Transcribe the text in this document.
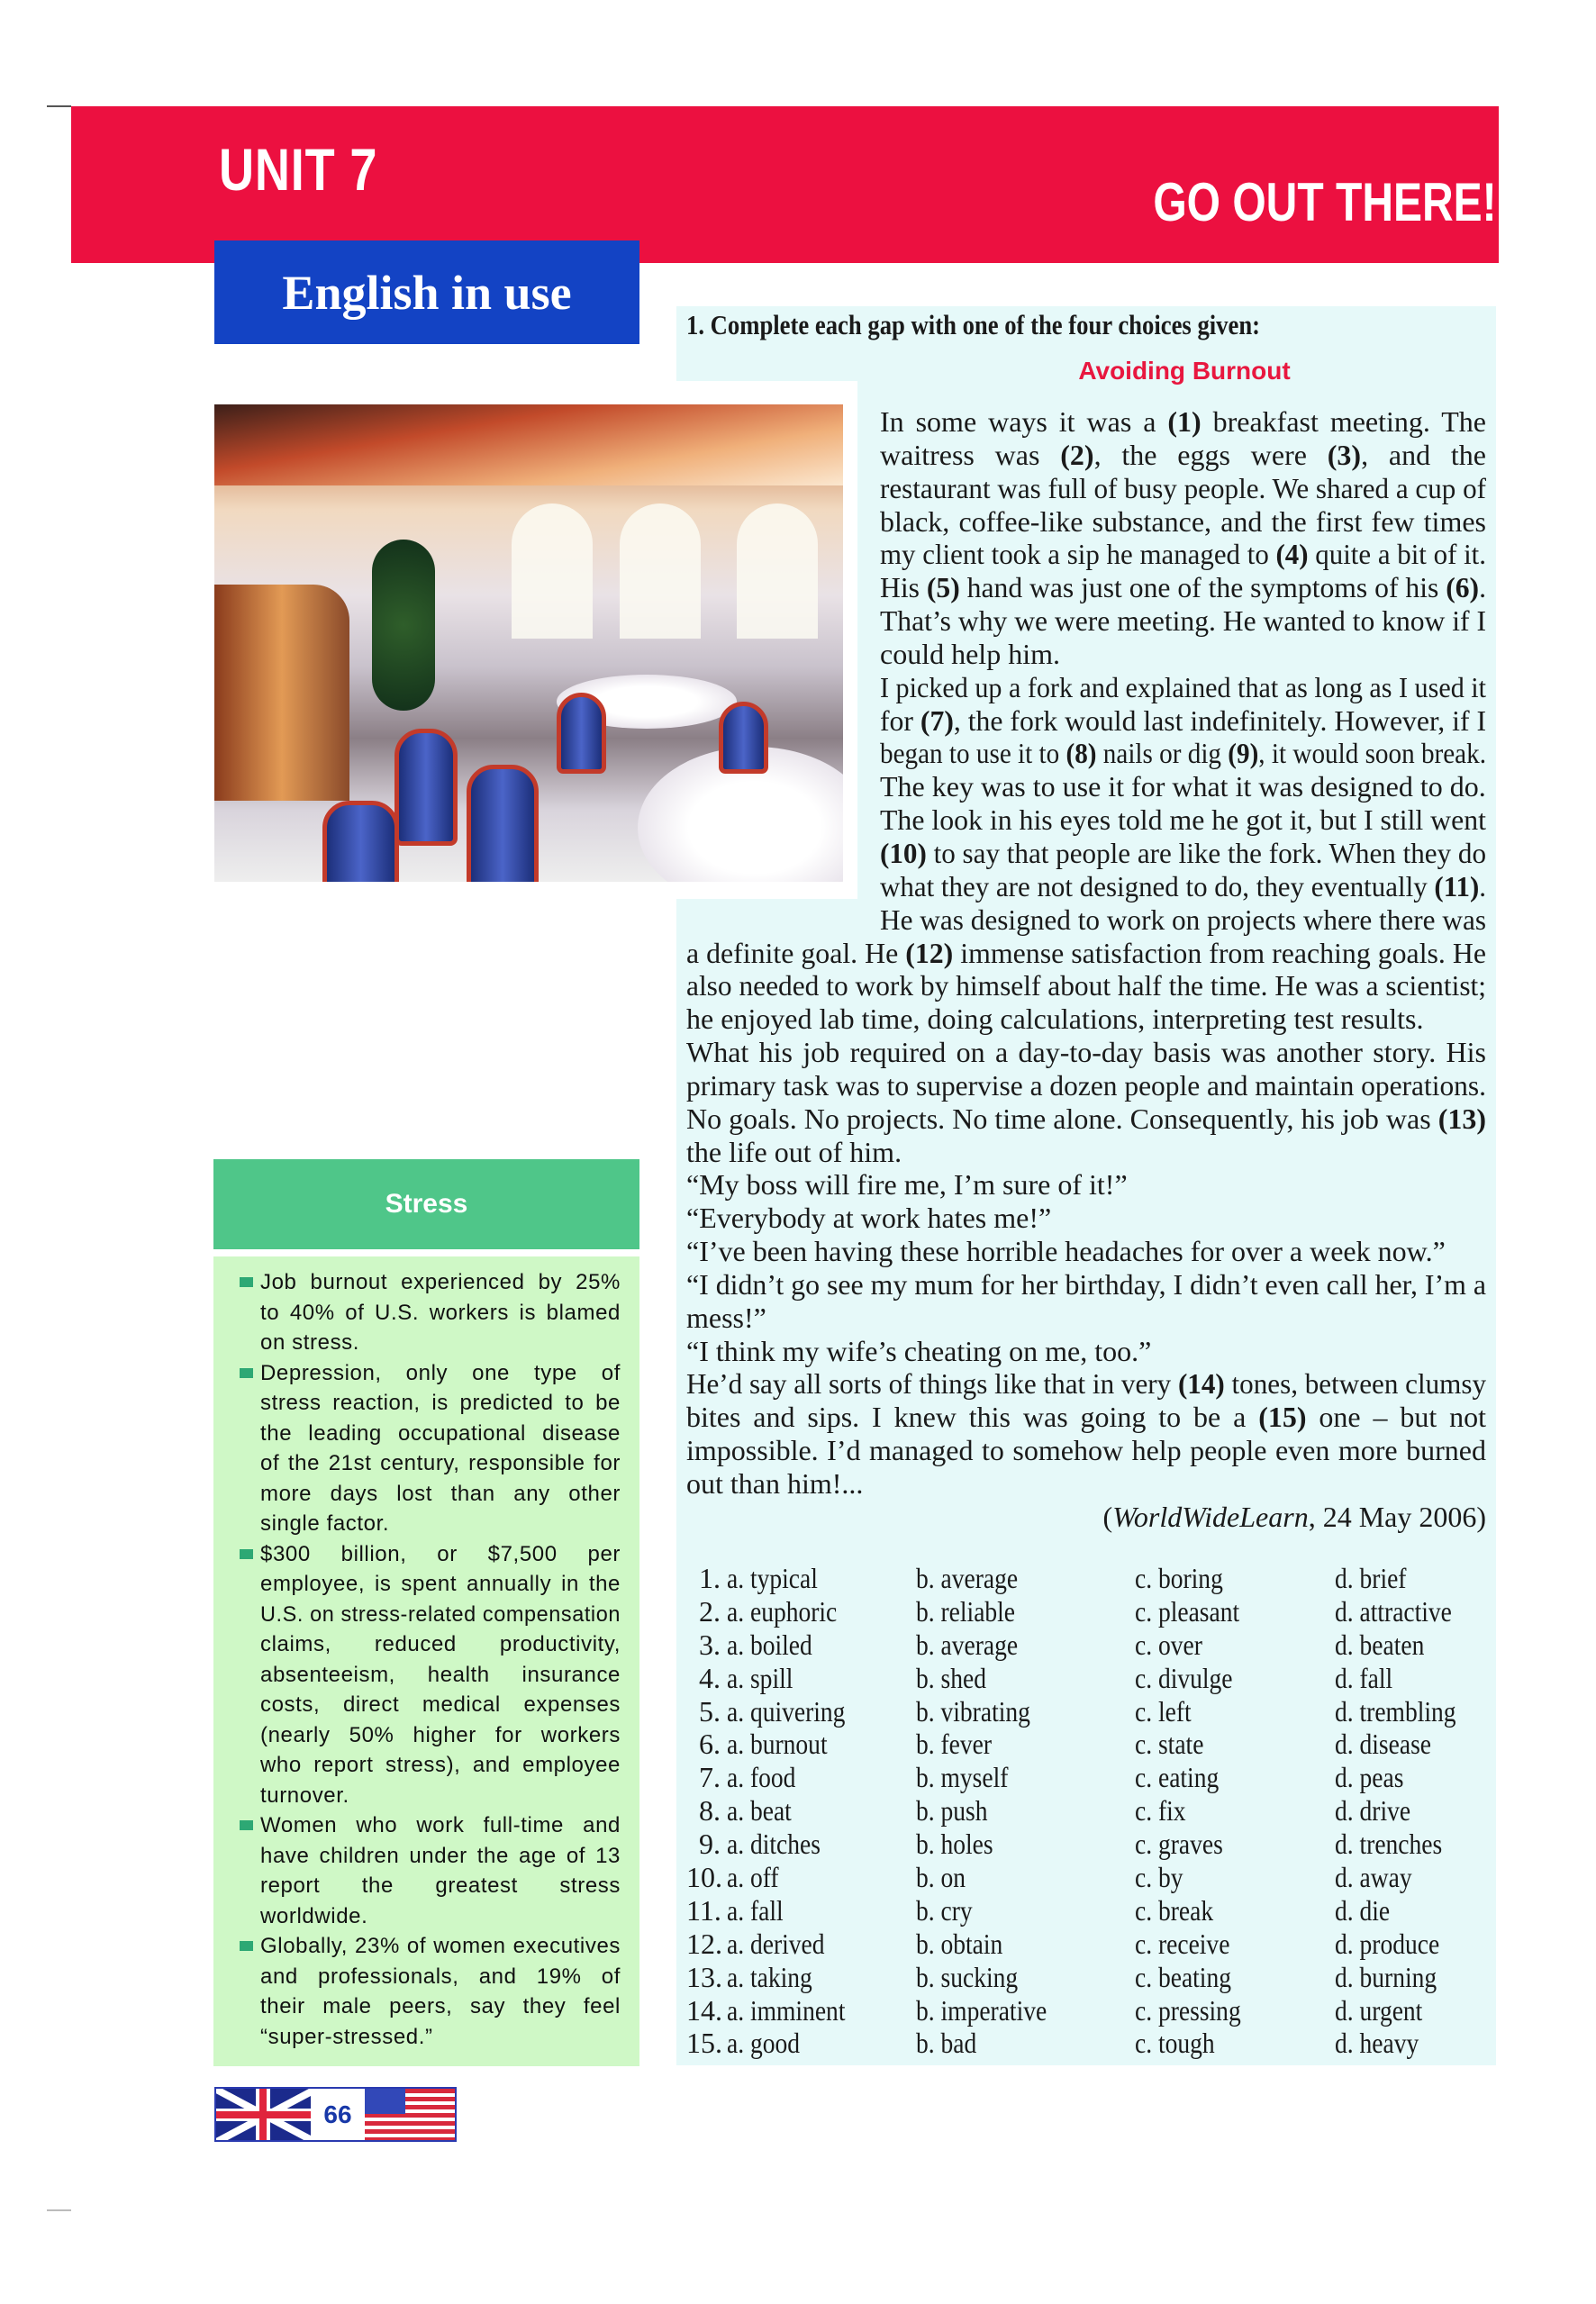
UNIT 7	GO OUT THERE!
English in use
1. Complete each gap with one of the four choices given:
Avoiding Burnout
In some ways it was a (1) breakfast meeting. The
waitress was (2), the eggs were (3), and the
restaurant was full of busy people. We shared a cup of
black, coffee-like substance, and the first few times
my client took a sip he managed to (4) quite a bit of it.
His (5) hand was just one of the symptoms of his (6).
That’s why we were meeting. He wanted to know if I
could help him.
I picked up a fork and explained that as long as I used it
for (7), the fork would last indefinitely. However, if I
began to use it to (8) nails or dig (9), it would soon break.
The key was to use it for what it was designed to do.
The look in his eyes told me he got it, but I still went
(10) to say that people are like the fork. When they do
what they are not designed to do, they eventually (11).
He was designed to work on projects where there was
a definite goal. He (12) immense satisfaction from reaching goals. He
also needed to work by himself about half the time. He was a scientist;
he enjoyed lab time, doing calculations, interpreting test results.
What his job required on a day-to-day basis was another story. His
primary task was to supervise a dozen people and maintain operations.
No goals. No projects. No time alone. Consequently, his job was (13)
the life out of him.
“My boss will fire me, I’m sure of it!”
“Everybody at work hates me!”
“I’ve been having these horrible headaches for over a week now.”
“I didn’t go see my mum for her birthday, I didn’t even call her, I’m a
mess!”
“I think my wife’s cheating on me, too.”
He’d say all sorts of things like that in very (14) tones, between clumsy
bites and sips. I knew this was going to be a (15) one – but not
impossible. I’d managed to somehow help people even more burned
out than him!...
(WorldWideLearn, 24 May 2006)
1. a. typical	b. average	c. boring	d. brief
2. a. euphoric	b. reliable	c. pleasant	d. attractive
3. a. boiled	b. average	c. over	d. beaten
4. a. spill	b. shed	c. divulge	d. fall
5. a. quivering	b. vibrating	c. left	d. trembling
6. a. burnout	b. fever	c. state	d. disease
7. a. food	b. myself	c. eating	d. peas
8. a. beat	b. push	c. fix	d. drive
9. a. ditches	b. holes	c. graves	d. trenches
10. a. off	b. on	c. by	d. away
11. a. fall	b. cry	c. break	d. die
12. a. derived	b. obtain	c. receive	d. produce
13. a. taking	b. sucking	c. beating	d. burning
14. a. imminent	b. imperative	c. pressing	d. urgent
15. a. good	b. bad	c. tough	d. heavy
Stress
Job burnout experienced by 25%
to 40% of U.S. workers is blamed
on stress.
Depression, only one type of
stress reaction, is predicted to be
the leading occupational disease
of the 21st century, responsible for
more days lost than any other
single factor.
$300 billion, or $7,500 per
employee, is spent annually in the
U.S. on stress-related compensation
claims, reduced productivity,
absenteeism, health insurance
costs, direct medical expenses
(nearly 50% higher for workers
who report stress), and employee
turnover.
Women who work full-time and
have children under the age of 13
report the greatest stress
worldwide.
Globally, 23% of women executives
and professionals, and 19% of
their male peers, say they feel
“super-stressed.”
66
